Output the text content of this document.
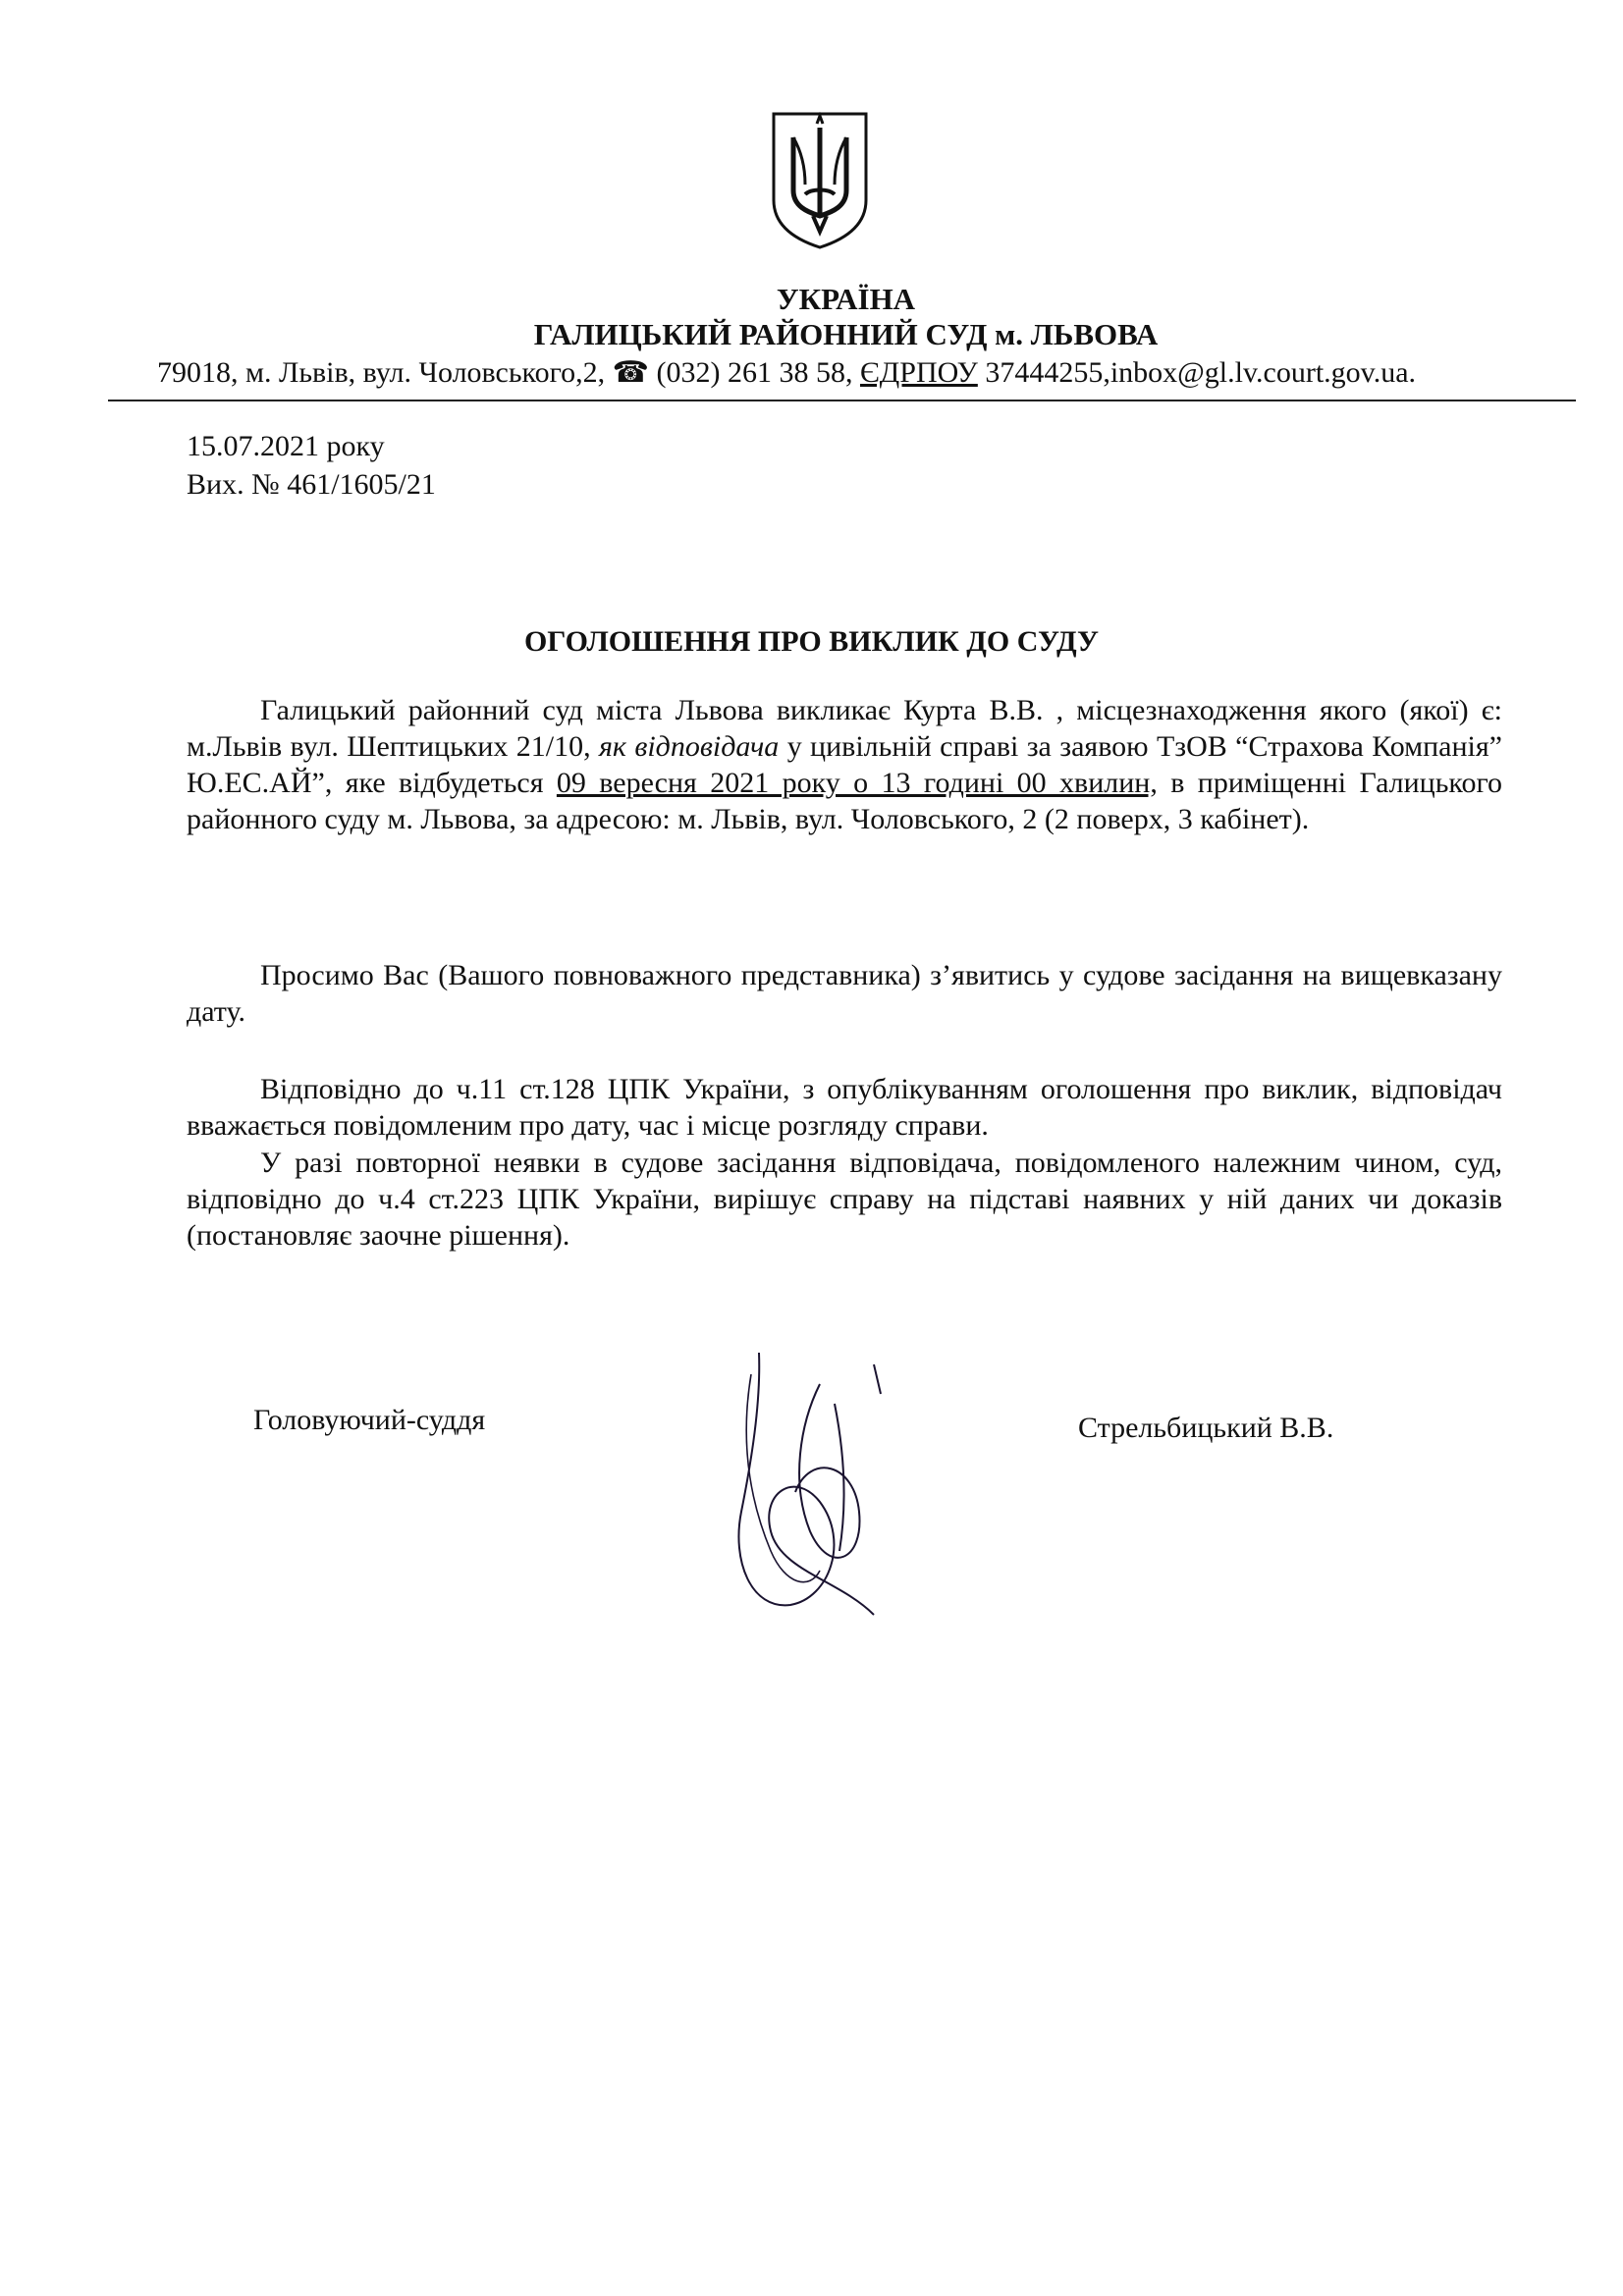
УКРАЇНА
ГАЛИЦЬКИЙ РАЙОННИЙ СУД м. ЛЬВОВА
79018, м. Львів, вул. Чоловського,2, ☎ (032) 261 38 58, ЄДРПОУ 37444255,inbox@gl.lv.court.gov.ua.
15.07.2021 року
Вих. № 461/1605/21
ОГОЛОШЕННЯ ПРО ВИКЛИК ДО СУДУ
Галицький районний суд міста Львова викликає Курта В.В. , місцезнаходження якого (якої) є: м.Львів вул. Шептицьких 21/10, як відповідача у цивільній справі за заявою ТзОВ “Страхова Компанія” Ю.ЕС.АЙ”, яке відбудеться 09 вересня 2021 року о 13 годині 00 хвилин, в приміщенні Галицького районного суду м. Львова, за адресою: м. Львів, вул. Чоловського, 2 (2 поверх, 3 кабінет).
Просимо Вас (Вашого повноважного представника) з’явитись у судове засідання на вищевказану дату.
Відповідно до ч.11 ст.128 ЦПК України, з опублікуванням оголошення про виклик, відповідач вважається повідомленим про дату, час і місце розгляду справи.
У разі повторної неявки в судове засідання відповідача, повідомленого належним чином, суд, відповідно до ч.4 ст.223 ЦПК України, вирішує справу на підставі наявних у ній даних чи доказів (постановляє заочне рішення).
Головуючий-суддя	Стрельбицький В.В.
